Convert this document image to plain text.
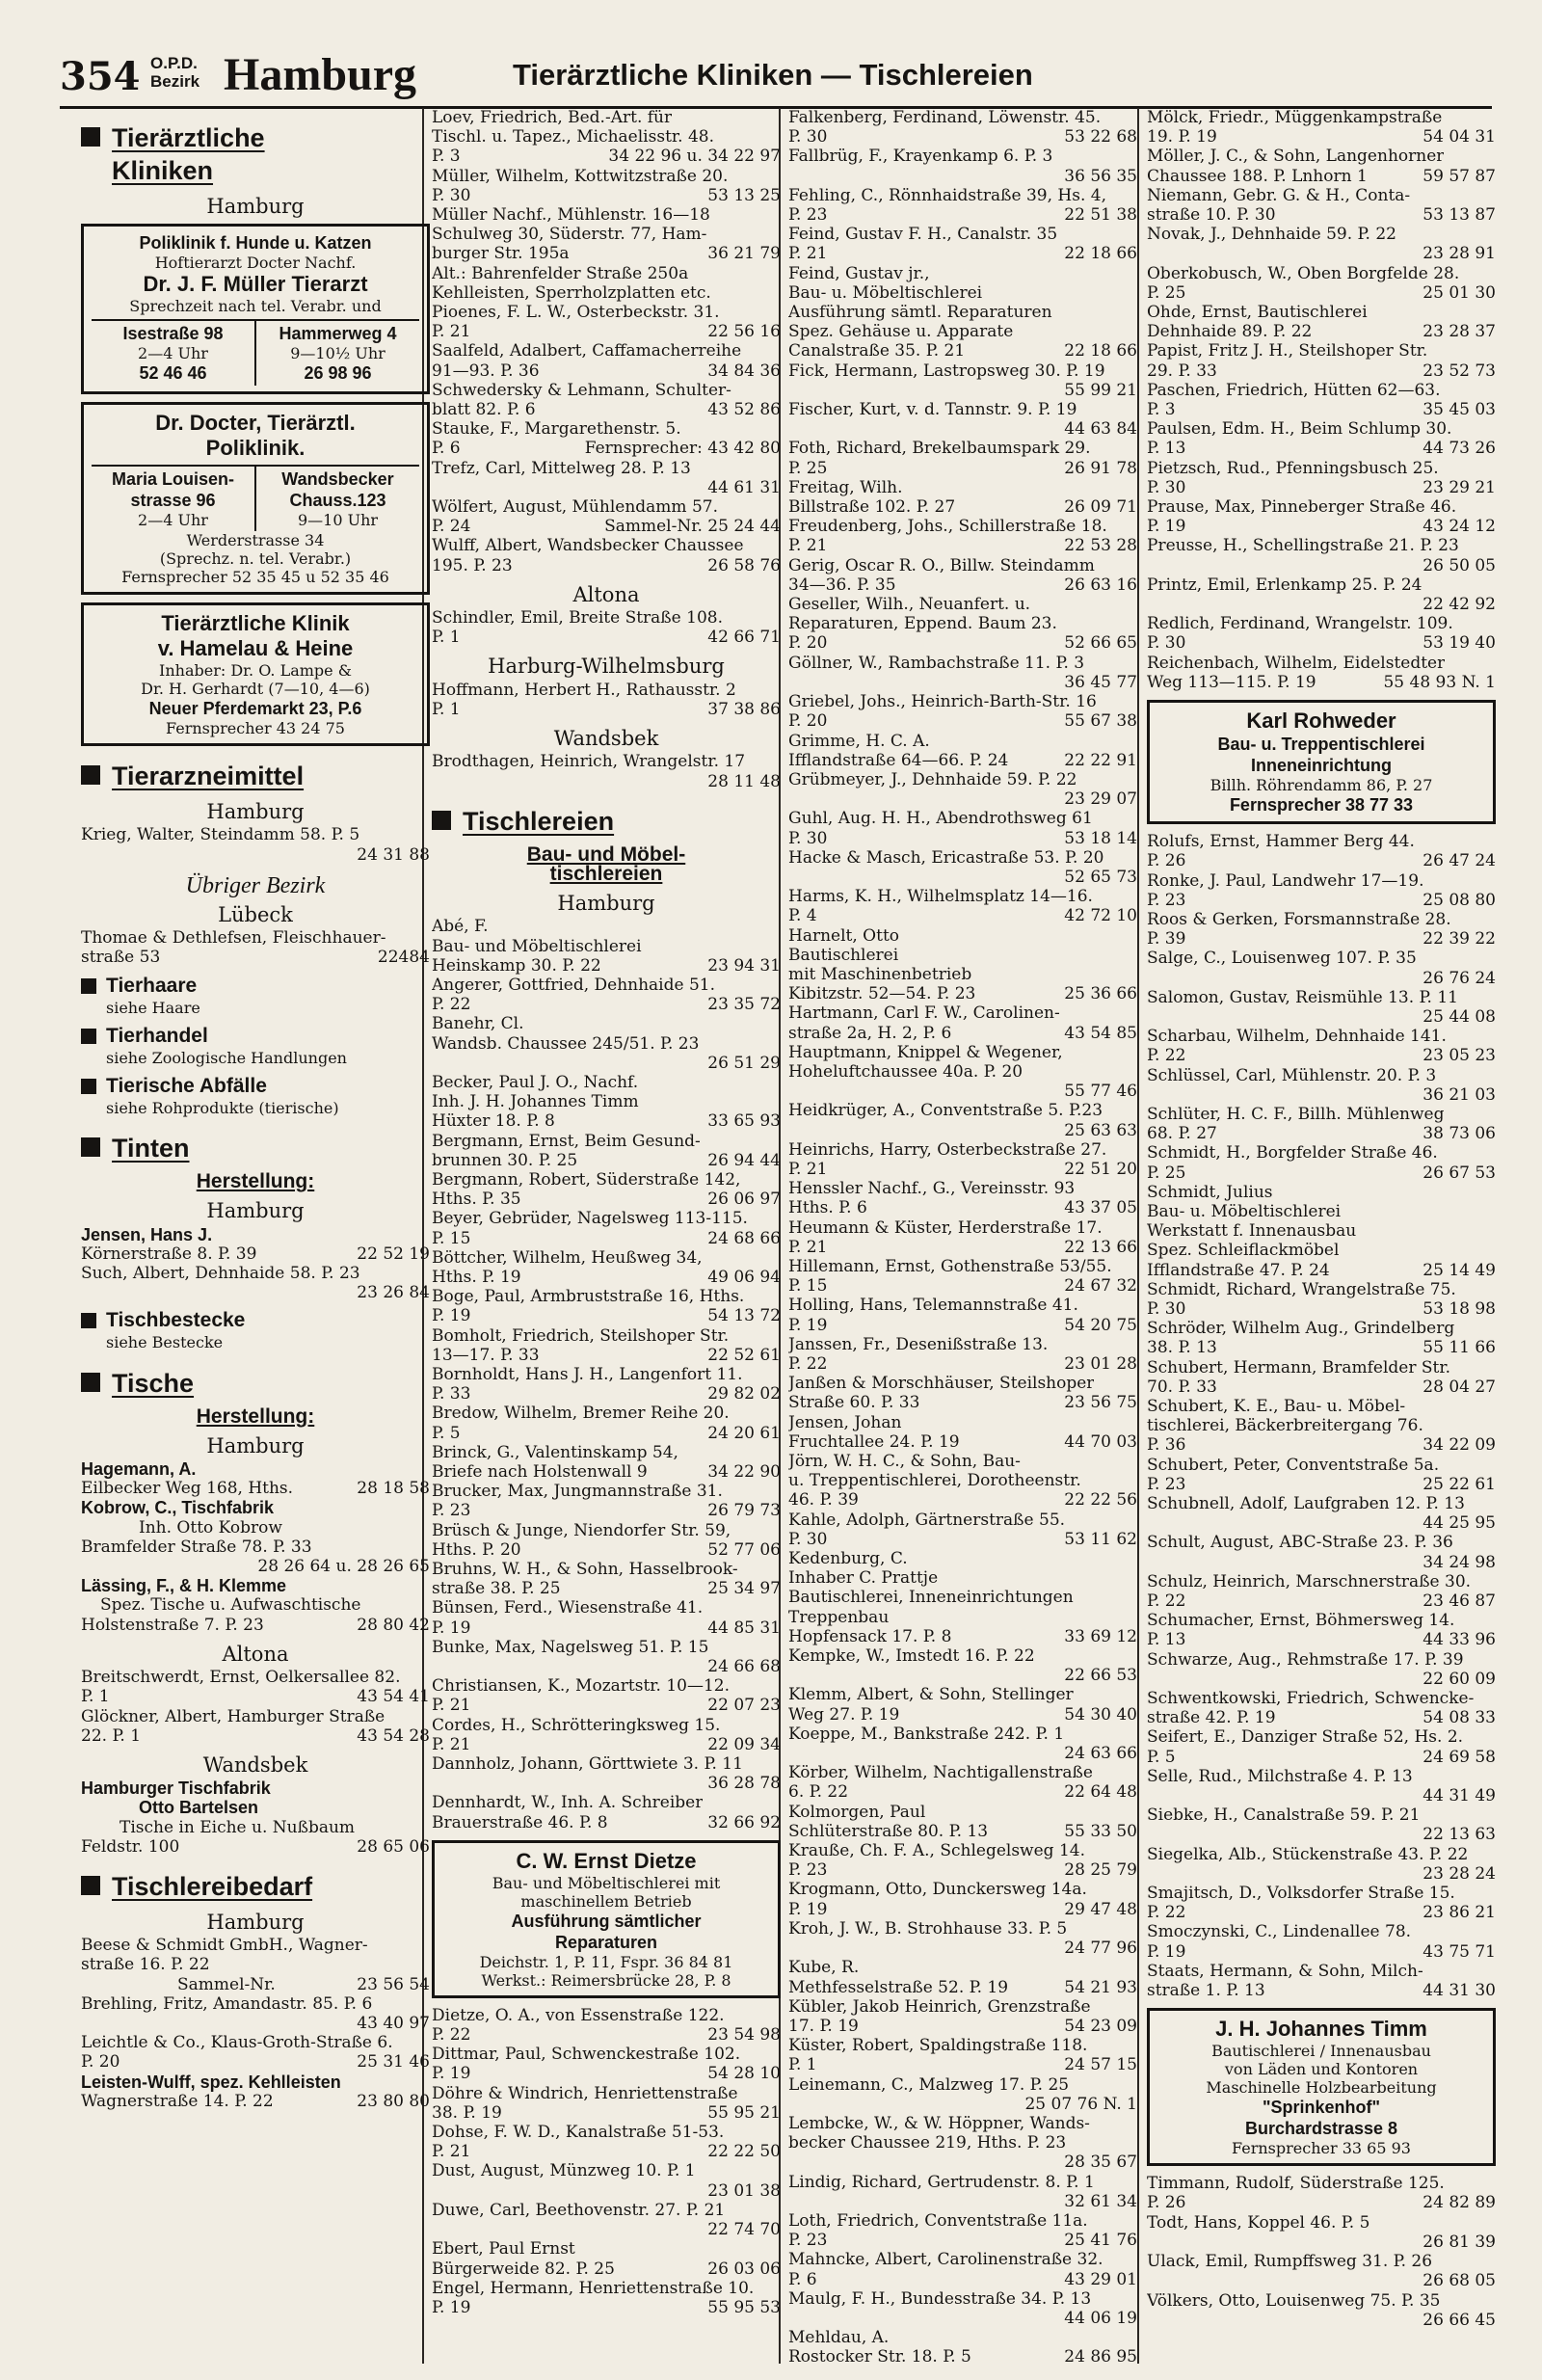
354 O.P.D.
Bezirk Hamburg	Tierärztliche Kliniken — Tischlereien
Tierärztliche
Kliniken
Hamburg
Poliklinik f. Hunde u. Katzen
Hoftierarzt Docter Nachf.
Dr. J. F. Müller Tierarzt
Sprechzeit nach tel. Verabr. und
Isestraße 98
2—4 Uhr
52 46 46
Hammerweg 4
9—10½ Uhr
26 98 96
Dr. Docter, Tierärztl.
Poliklinik.
Maria Louisen-
strasse 96
2—4 Uhr
Wandsbecker
Chauss.123
9—10 Uhr
Werderstrasse 34
(Sprechz. n. tel. Verabr.)
Fernsprecher 52 35 45 u 52 35 46
Tierärztliche Klinik
v. Hamelau & Heine
Inhaber: Dr. O. Lampe &
Dr. H. Gerhardt (7—10, 4—6)
Neuer Pferdemarkt 23, P.6
Fernsprecher 43 24 75
Tierarzneimittel
Hamburg
Krieg, Walter, Steindamm 58. P. 5
24 31 88
Übriger Bezirk
Lübeck
Thomae & Dethlefsen, Fleischhauer-
straße 53	22484
Tierhaare
siehe Haare
Tierhandel
siehe Zoologische Handlungen
Tierische Abfälle
siehe Rohprodukte (tierische)
Tinten
Herstellung:
Hamburg
Jensen, Hans J.
Körnerstraße 8. P. 39	22 52 19
Such, Albert, Dehnhaide 58. P. 23
23 26 84
Tischbestecke
siehe Bestecke
Tische
Herstellung:
Hamburg
Hagemann, A.
Eilbecker Weg 168, Hths.	28 18 58
Kobrow, C., Tischfabrik
Inh. Otto Kobrow
Bramfelder Straße 78. P. 33
28 26 64 u. 28 26 65
Lässing, F., & H. Klemme
Spez. Tische u. Aufwaschtische
Holstenstraße 7. P. 23	28 80 42
Altona
Breitschwerdt, Ernst, Oelkersallee 82.
P. 1	43 54 41
Glöckner, Albert, Hamburger Straße
22. P. 1	43 54 28
Wandsbek
Hamburger Tischfabrik
Otto Bartelsen
Tische in Eiche u. Nußbaum
Feldstr. 100	28 65 06
Tischlereibedarf
Hamburg
Beese & Schmidt GmbH., Wagner-
straße 16. P. 22
Sammel-Nr.	23 56 54
Brehling, Fritz, Amandastr. 85. P. 6
43 40 97
Leichtle & Co., Klaus-Groth-Straße 6.
P. 20	25 31 46
Leisten-Wulff, spez. Kehlleisten
Wagnerstraße 14. P. 22	23 80 80
Loev, Friedrich, Bed.-Art. für
Tischl. u. Tapez., Michaelisstr. 48.
P. 3	34 22 96 u. 34 22 97
Müller, Wilhelm, Kottwitzstraße 20.
P. 30	53 13 25
Müller Nachf., Mühlenstr. 16—18
Schulweg 30, Süderstr. 77, Ham-
burger Str. 195a	36 21 79
Alt.: Bahrenfelder Straße 250a
Kehlleisten, Sperrholzplatten etc.
Pioenes, F. L. W., Osterbeckstr. 31.
P. 21	22 56 16
Saalfeld, Adalbert, Caffamacherreihe
91—93. P. 36	34 84 36
Schwedersky & Lehmann, Schulter-
blatt 82. P. 6	43 52 86
Stauke, F., Margarethenstr. 5.
P. 6	Fernsprecher: 43 42 80
Trefz, Carl, Mittelweg 28. P. 13
44 61 31
Wölfert, August, Mühlendamm 57.
P. 24	Sammel-Nr. 25 24 44
Wulff, Albert, Wandsbecker Chaussee
195. P. 23	26 58 76
Altona
Schindler, Emil, Breite Straße 108.
P. 1	42 66 71
Harburg-Wilhelmsburg
Hoffmann, Herbert H., Rathausstr. 2
P. 1	37 38 86
Wandsbek
Brodthagen, Heinrich, Wrangelstr. 17
28 11 48
Tischlereien
Bau- und Möbel-
tischlereien
Hamburg
Abé, F.
Bau- und Möbeltischlerei
Heinskamp 30. P. 22	23 94 31
Angerer, Gottfried, Dehnhaide 51.
P. 22	23 35 72
Banehr, Cl.
Wandsb. Chaussee 245/51. P. 23
26 51 29
Becker, Paul J. O., Nachf.
Inh. J. H. Johannes Timm
Hüxter 18. P. 8	33 65 93
Bergmann, Ernst, Beim Gesund-
brunnen 30. P. 25	26 94 44
Bergmann, Robert, Süderstraße 142,
Hths. P. 35	26 06 97
Beyer, Gebrüder, Nagelsweg 113-115.
P. 15	24 68 66
Böttcher, Wilhelm, Heußweg 34,
Hths. P. 19	49 06 94
Boge, Paul, Armbruststraße 16, Hths.
P. 19	54 13 72
Bomholt, Friedrich, Steilshoper Str.
13—17. P. 33	22 52 61
Bornholdt, Hans J. H., Langenfort 11.
P. 33	29 82 02
Bredow, Wilhelm, Bremer Reihe 20.
P. 5	24 20 61
Brinck, G., Valentinskamp 54,
Briefe nach Holstenwall 9	34 22 90
Brucker, Max, Jungmannstraße 31.
P. 23	26 79 73
Brüsch & Junge, Niendorfer Str. 59,
Hths. P. 20	52 77 06
Bruhns, W. H., & Sohn, Hasselbrook-
straße 38. P. 25	25 34 97
Bünsen, Ferd., Wiesenstraße 41.
P. 19	44 85 31
Bunke, Max, Nagelsweg 51. P. 15
24 66 68
Christiansen, K., Mozartstr. 10—12.
P. 21	22 07 23
Cordes, H., Schrötteringksweg 15.
P. 21	22 09 34
Dannholz, Johann, Görttwiete 3. P. 11
36 28 78
Dennhardt, W., Inh. A. Schreiber
Brauerstraße 46. P. 8	32 66 92
C. W. Ernst Dietze
Bau- und Möbeltischlerei mit
maschinellem Betrieb
Ausführung sämtlicher
Reparaturen
Deichstr. 1, P. 11, Fspr. 36 84 81
Werkst.: Reimersbrücke 28, P. 8
Dietze, O. A., von Essenstraße 122.
P. 22	23 54 98
Dittmar, Paul, Schwenckestraße 102.
P. 19	54 28 10
Döhre & Windrich, Henriettenstraße
38. P. 19	55 95 21
Dohse, F. W. D., Kanalstraße 51-53.
P. 21	22 22 50
Dust, August, Münzweg 10. P. 1
23 01 38
Duwe, Carl, Beethovenstr. 27. P. 21
22 74 70
Ebert, Paul Ernst
Bürgerweide 82. P. 25	26 03 06
Engel, Hermann, Henriettenstraße 10.
P. 19	55 95 53
Falkenberg, Ferdinand, Löwenstr. 45.
P. 30	53 22 68
Fallbrüg, F., Krayenkamp 6. P. 3
36 56 35
Fehling, C., Rönnhaidstraße 39, Hs. 4,
P. 23	22 51 38
Feind, Gustav F. H., Canalstr. 35
P. 21	22 18 66
Feind, Gustav jr.,
Bau- u. Möbeltischlerei
Ausführung sämtl. Reparaturen
Spez. Gehäuse u. Apparate
Canalstraße 35. P. 21	22 18 66
Fick, Hermann, Lastropsweg 30. P. 19
55 99 21
Fischer, Kurt, v. d. Tannstr. 9. P. 19
44 63 84
Foth, Richard, Brekelbaumspark 29.
P. 25	26 91 78
Freitag, Wilh.
Billstraße 102. P. 27	26 09 71
Freudenberg, Johs., Schillerstraße 18.
P. 21	22 53 28
Gerig, Oscar R. O., Billw. Steindamm
34—36. P. 35	26 63 16
Geseller, Wilh., Neuanfert. u.
Reparaturen, Eppend. Baum 23.
P. 20	52 66 65
Göllner, W., Rambachstraße 11. P. 3
36 45 77
Griebel, Johs., Heinrich-Barth-Str. 16
P. 20	55 67 38
Grimme, H. C. A.
Ifflandstraße 64—66. P. 24	22 22 91
Grübmeyer, J., Dehnhaide 59. P. 22
23 29 07
Guhl, Aug. H. H., Abendrothsweg 61
P. 30	53 18 14
Hacke & Masch, Ericastraße 53. P. 20
52 65 73
Harms, K. H., Wilhelmsplatz 14—16.
P. 4	42 72 10
Harnelt, Otto
Bautischlerei
mit Maschinenbetrieb
Kibitzstr. 52—54. P. 23	25 36 66
Hartmann, Carl F. W., Carolinen-
straße 2a, H. 2, P. 6	43 54 85
Hauptmann, Knippel & Wegener,
Hoheluftchaussee 40a. P. 20
55 77 46
Heidkrüger, A., Conventstraße 5. P.23
25 63 63
Heinrichs, Harry, Osterbeckstraße 27.
P. 21	22 51 20
Henssler Nachf., G., Vereinsstr. 93
Hths. P. 6	43 37 05
Heumann & Küster, Herderstraße 17.
P. 21	22 13 66
Hillemann, Ernst, Gothenstraße 53/55.
P. 15	24 67 32
Holling, Hans, Telemannstraße 41.
P. 19	54 20 75
Janssen, Fr., Desenißstraße 13.
P. 22	23 01 28
Janßen & Morschhäuser, Steilshoper
Straße 60. P. 33	23 56 75
Jensen, Johan
Fruchtallee 24. P. 19	44 70 03
Jörn, W. H. C., & Sohn, Bau-
u. Treppentischlerei, Dorotheenstr.
46. P. 39	22 22 56
Kahle, Adolph, Gärtnerstraße 55.
P. 30	53 11 62
Kedenburg, C.
Inhaber C. Prattje
Bautischlerei, Inneneinrichtungen
Treppenbau
Hopfensack 17. P. 8	33 69 12
Kempke, W., Imstedt 16. P. 22
22 66 53
Klemm, Albert, & Sohn, Stellinger
Weg 27. P. 19	54 30 40
Koeppe, M., Bankstraße 242. P. 1
24 63 66
Körber, Wilhelm, Nachtigallenstraße
6. P. 22	22 64 48
Kolmorgen, Paul
Schlüterstraße 80. P. 13	55 33 50
Krauße, Ch. F. A., Schlegelsweg 14.
P. 23	28 25 79
Krogmann, Otto, Dunckersweg 14a.
P. 19	29 47 48
Kroh, J. W., B. Strohhause 33. P. 5
24 77 96
Kube, R.
Methfesselstraße 52. P. 19	54 21 93
Kübler, Jakob Heinrich, Grenzstraße
17. P. 19	54 23 09
Küster, Robert, Spaldingstraße 118.
P. 1	24 57 15
Leinemann, C., Malzweg 17. P. 25
25 07 76 N. 1
Lembcke, W., & W. Höppner, Wands-
becker Chaussee 219, Hths. P. 23
28 35 67
Lindig, Richard, Gertrudenstr. 8. P. 1
32 61 34
Loth, Friedrich, Conventstraße 11a.
P. 23	25 41 76
Mahncke, Albert, Carolinenstraße 32.
P. 6	43 29 01
Maulg, F. H., Bundesstraße 34. P. 13
44 06 19
Mehldau, A.
Rostocker Str. 18. P. 5	24 86 95
Mölck, Friedr., Müggenkampstraße
19. P. 19	54 04 31
Möller, J. C., & Sohn, Langenhorner
Chaussee 188. P. Lnhorn 1	59 57 87
Niemann, Gebr. G. & H., Conta-
straße 10. P. 30	53 13 87
Novak, J., Dehnhaide 59. P. 22
23 28 91
Oberkobusch, W., Oben Borgfelde 28.
P. 25	25 01 30
Ohde, Ernst, Bautischlerei
Dehnhaide 89. P. 22	23 28 37
Papist, Fritz J. H., Steilshoper Str.
29. P. 33	23 52 73
Paschen, Friedrich, Hütten 62—63.
P. 3	35 45 03
Paulsen, Edm. H., Beim Schlump 30.
P. 13	44 73 26
Pietzsch, Rud., Pfenningsbusch 25.
P. 30	23 29 21
Prause, Max, Pinneberger Straße 46.
P. 19	43 24 12
Preusse, H., Schellingstraße 21. P. 23
26 50 05
Printz, Emil, Erlenkamp 25. P. 24
22 42 92
Redlich, Ferdinand, Wrangelstr. 109.
P. 30	53 19 40
Reichenbach, Wilhelm, Eidelstedter
Weg 113—115. P. 19	55 48 93 N. 1
Karl Rohweder
Bau- u. Treppentischlerei
Inneneinrichtung
Billh. Röhrendamm 86, P. 27
Fernsprecher 38 77 33
Rolufs, Ernst, Hammer Berg 44.
P. 26	26 47 24
Ronke, J. Paul, Landwehr 17—19.
P. 23	25 08 80
Roos & Gerken, Forsmannstraße 28.
P. 39	22 39 22
Salge, C., Louisenweg 107. P. 35
26 76 24
Salomon, Gustav, Reismühle 13. P. 11
25 44 08
Scharbau, Wilhelm, Dehnhaide 141.
P. 22	23 05 23
Schlüssel, Carl, Mühlenstr. 20. P. 3
36 21 03
Schlüter, H. C. F., Billh. Mühlenweg
68. P. 27	38 73 06
Schmidt, H., Borgfelder Straße 46.
P. 25	26 67 53
Schmidt, Julius
Bau- u. Möbeltischlerei
Werkstatt f. Innenausbau
Spez. Schleiflackmöbel
Ifflandstraße 47. P. 24	25 14 49
Schmidt, Richard, Wrangelstraße 75.
P. 30	53 18 98
Schröder, Wilhelm Aug., Grindelberg
38. P. 13	55 11 66
Schubert, Hermann, Bramfelder Str.
70. P. 33	28 04 27
Schubert, K. E., Bau- u. Möbel-
tischlerei, Bäckerbreitergang 76.
P. 36	34 22 09
Schubert, Peter, Conventstraße 5a.
P. 23	25 22 61
Schubnell, Adolf, Laufgraben 12. P. 13
44 25 95
Schult, August, ABC-Straße 23. P. 36
34 24 98
Schulz, Heinrich, Marschnerstraße 30.
P. 22	23 46 87
Schumacher, Ernst, Böhmersweg 14.
P. 13	44 33 96
Schwarze, Aug., Rehmstraße 17. P. 39
22 60 09
Schwentkowski, Friedrich, Schwencke-
straße 42. P. 19	54 08 33
Seifert, E., Danziger Straße 52, Hs. 2.
P. 5	24 69 58
Selle, Rud., Milchstraße 4. P. 13
44 31 49
Siebke, H., Canalstraße 59. P. 21
22 13 63
Siegelka, Alb., Stückenstraße 43. P. 22
23 28 24
Smajitsch, D., Volksdorfer Straße 15.
P. 22	23 86 21
Smoczynski, C., Lindenallee 78.
P. 19	43 75 71
Staats, Hermann, & Sohn, Milch-
straße 1. P. 13	44 31 30
J. H. Johannes Timm
Bautischlerei / Innenausbau
von Läden und Kontoren
Maschinelle Holzbearbeitung
"Sprinkenhof"
Burchardstrasse 8
Fernsprecher 33 65 93
Timmann, Rudolf, Süderstraße 125.
P. 26	24 82 89
Todt, Hans, Koppel 46. P. 5
26 81 39
Ulack, Emil, Rumpffsweg 31. P. 26
26 68 05
Völkers, Otto, Louisenweg 75. P. 35
26 66 45
